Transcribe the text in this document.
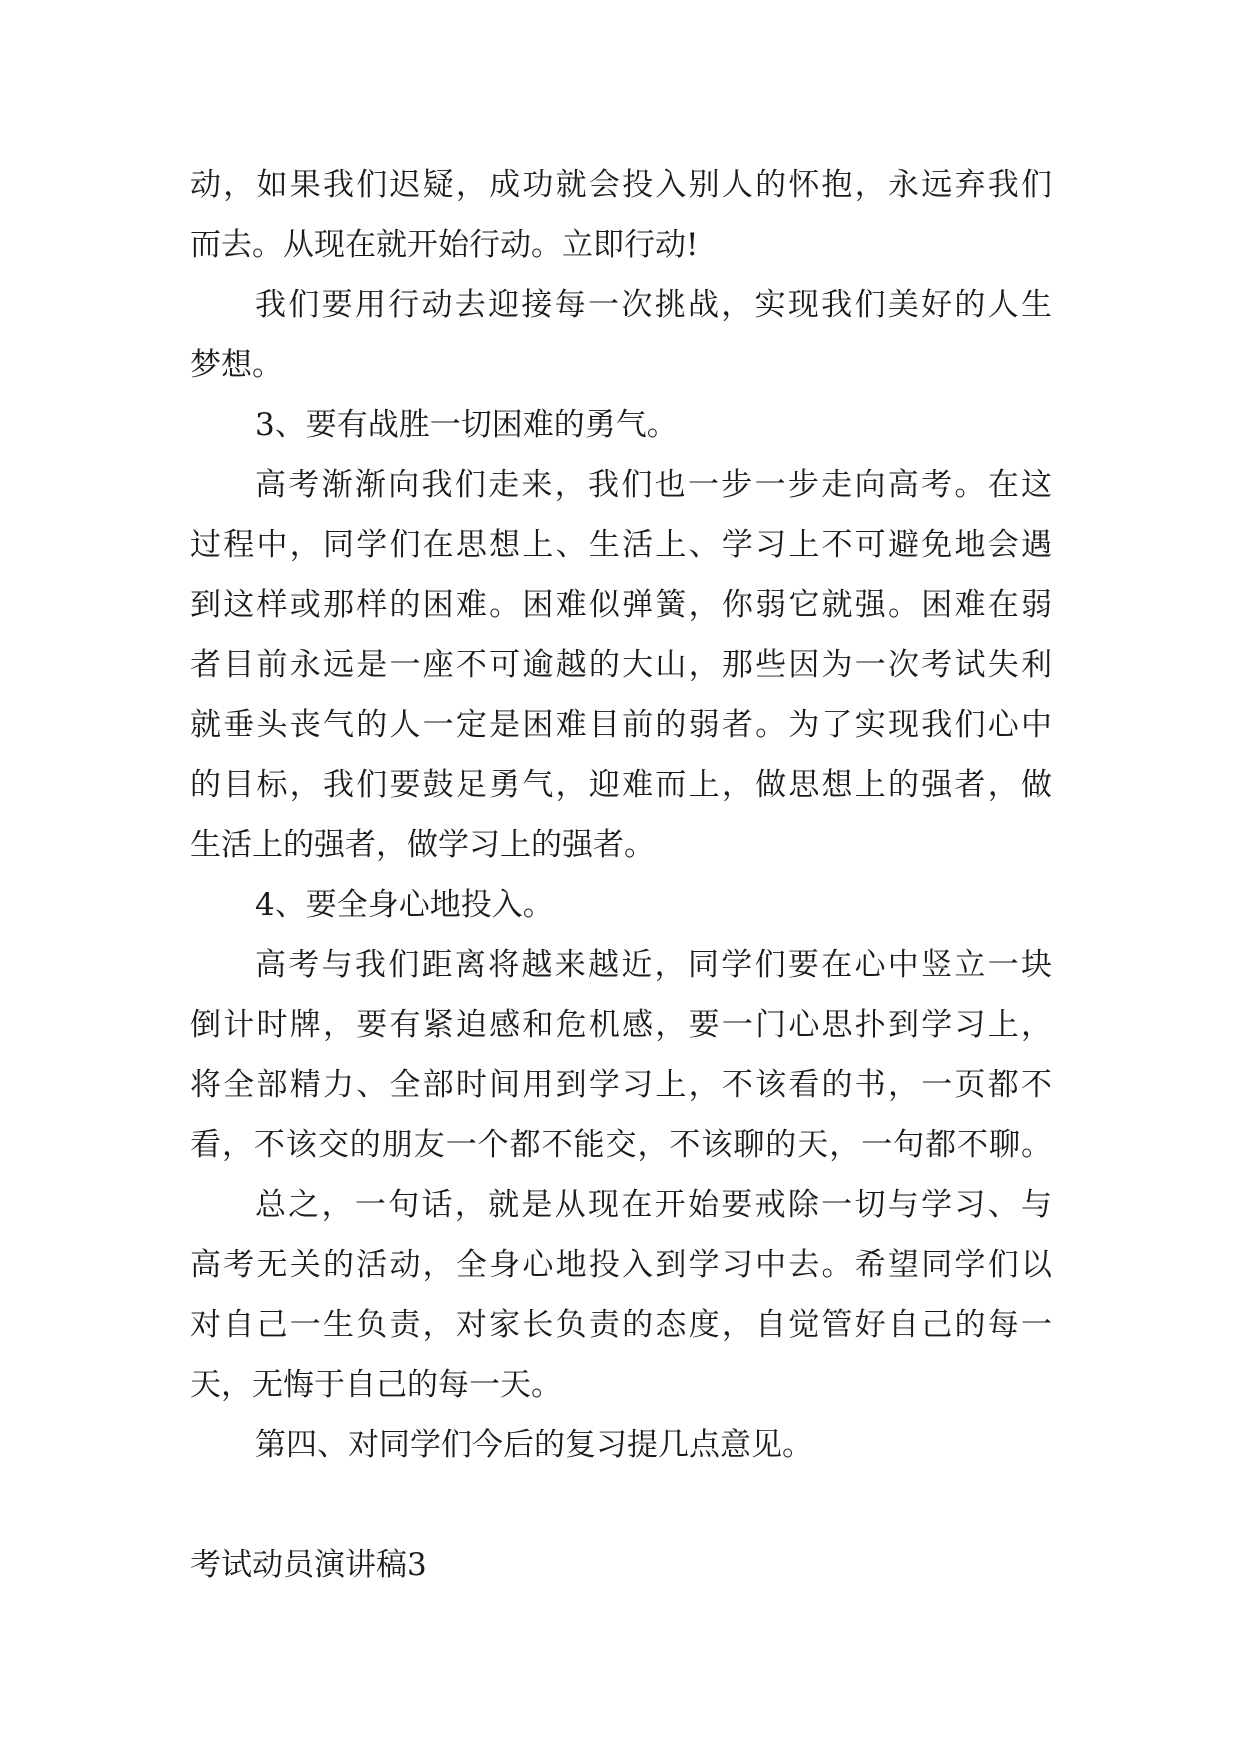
动，如果我们迟疑，成功就会投入别人的怀抱，永远弃我们

而去。从现在就开始行动。立即行动!

我们要用行动去迎接每一次挑战，实现我们美好的人生

梦想。

3、要有战胜一切困难的勇气。

高考渐渐向我们走来，我们也一步一步走向高考。在这

过程中，同学们在思想上、生活上、学习上不可避免地会遇

到这样或那样的困难。困难似弹簧，你弱它就强。困难在弱

者目前永远是一座不可逾越的大山，那些因为一次考试失利

就垂头丧气的人一定是困难目前的弱者。为了实现我们心中

的目标，我们要鼓足勇气，迎难而上，做思想上的强者，做

生活上的强者，做学习上的强者。

4、要全身心地投入。

高考与我们距离将越来越近，同学们要在心中竖立一块

倒计时牌，要有紧迫感和危机感，要一门心思扑到学习上，

将全部精力、全部时间用到学习上，不该看的书，一页都不

看，不该交的朋友一个都不能交，不该聊的天，一句都不聊。

总之，一句话，就是从现在开始要戒除一切与学习、与

高考无关的活动，全身心地投入到学习中去。希望同学们以

对自己一生负责，对家长负责的态度，自觉管好自己的每一

天，无悔于自己的每一天。

第四、对同学们今后的复习提几点意见。

考试动员演讲稿3
